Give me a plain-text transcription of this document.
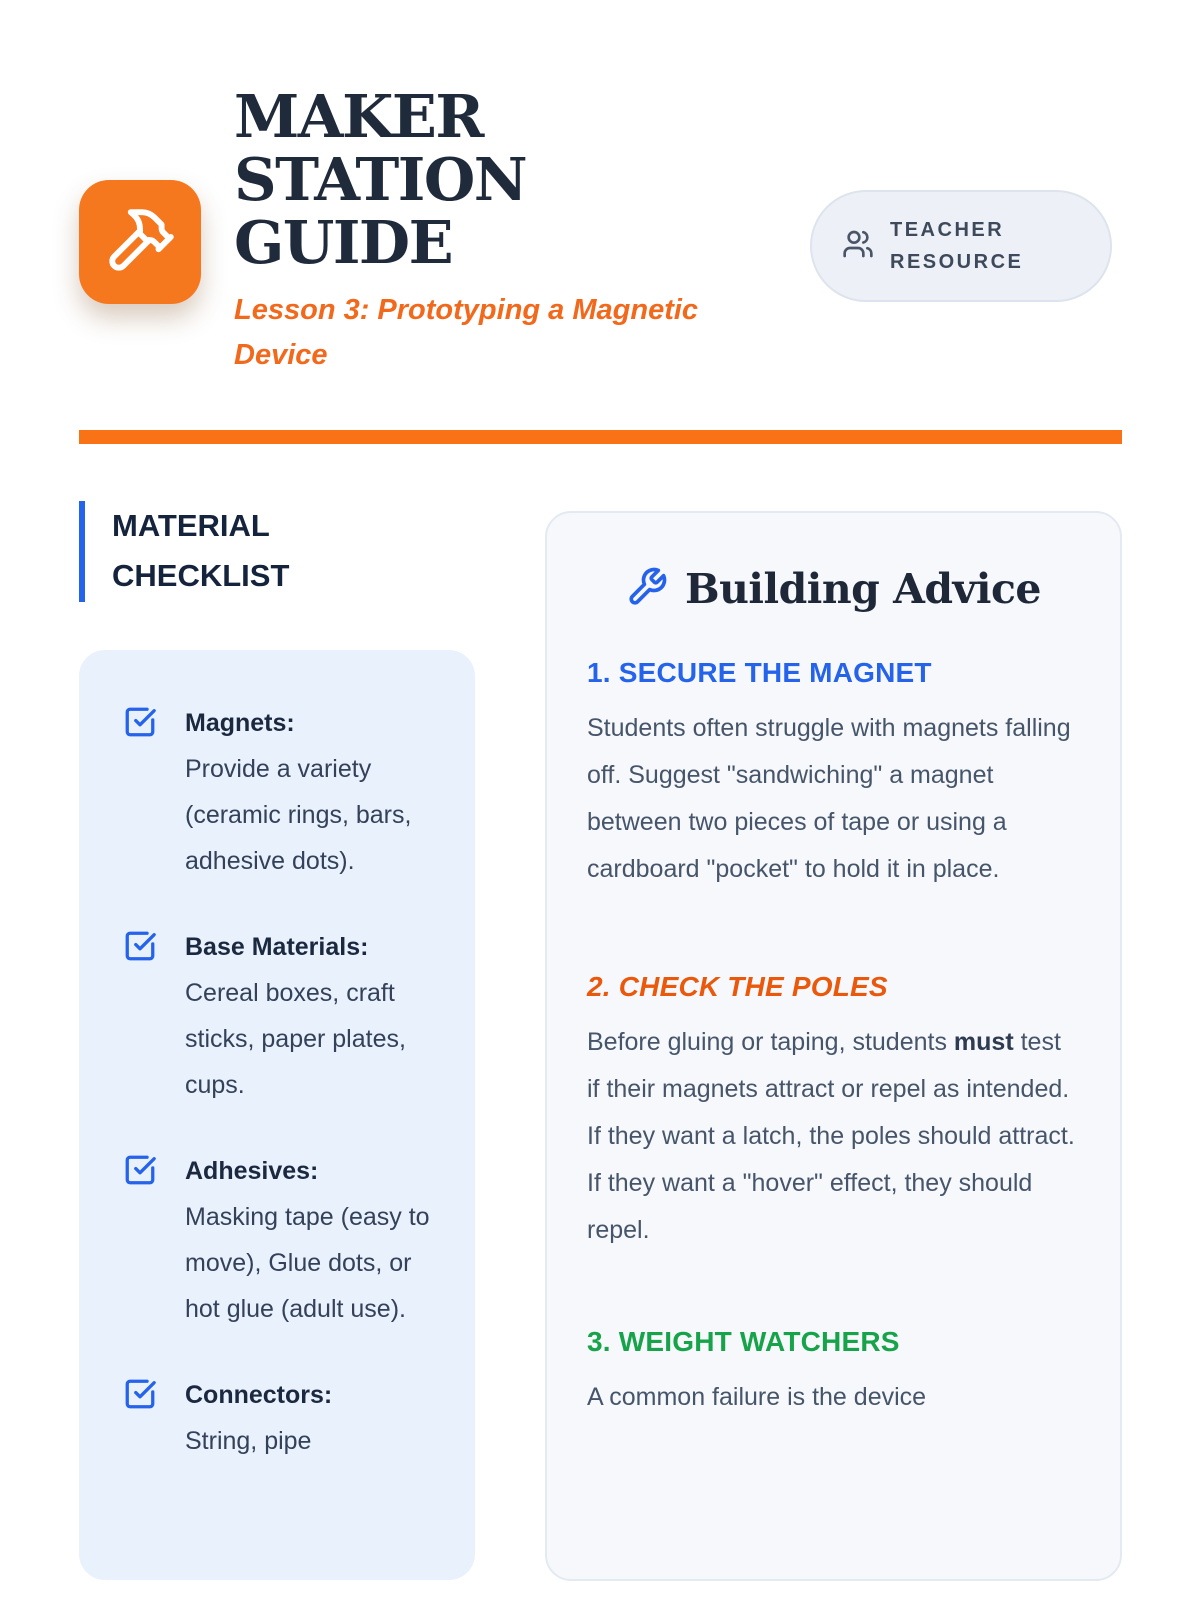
MAKER STATION GUIDE
Lesson 3: Prototyping a Magnetic Device
TEACHER RESOURCE
MATERIAL CHECKLIST
Magnets:
Provide a variety (ceramic rings, bars, adhesive dots).
Base Materials:
Cereal boxes, craft sticks, paper plates, cups.
Adhesives:
Masking tape (easy to move), Glue dots, or hot glue (adult use).
Connectors:
String, pipe
Building Advice
1. SECURE THE MAGNET

Students often struggle with magnets falling off. Suggest "sandwiching" a magnet between two pieces of tape or using a cardboard "pocket" to hold it in place.

2. CHECK THE POLES

Before gluing or taping, students must test if their magnets attract or repel as intended. If they want a latch, the poles should attract. If they want a "hover" effect, they should repel.

3. WEIGHT WATCHERS

A common failure is the device
